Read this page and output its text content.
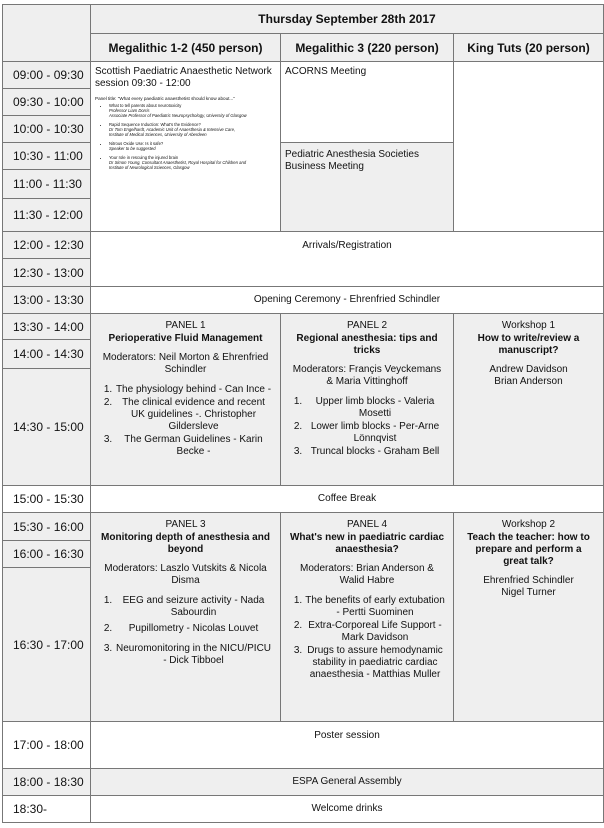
Thursday September 28th 2017
Megalithic 1-2 (450 person)	Megalithic 3 (220 person)	King Tuts (20 person)
09:00 - 09:30
09:30 - 10:00
10:00 - 10:30
10:30 - 11:00
11:00 - 11:30
11:30 - 12:00
12:00 - 12:30
12:30 - 13:00
13:00 - 13:30
13:30 - 14:00
14:00 - 14:30
14:30 - 15:00
15:00 - 15:30
15:30 - 16:00
16:00 - 16:30
16:30 - 17:00
17:00 - 18:00
18:00 - 18:30
18:30-
Scottish Paediatric Anaesthetic Network session 09:30 - 12:00
Panel title: "What every paediatric anaesthetist should know about..."
• What to tell parents about neurotoxicity
Professor Liam Dorris
Associate Professor of Paediatric Neuropsychology, University of Glasgow
• Rapid Sequence Induction: What's the Evidence?
Dr Tom Engelhardt, Academic Unit of Anaesthesia & Intensive Care,
Institute of Medical Sciences, University of Aberdeen
• Nitrous Oxide Use: Is it safe?
Speaker to be suggested
• Your role in rescuing the injured brain
Dr Simon Young, Consultant Anaesthetist, Royal Hospital for Children and
Institute of Neurological Sciences, Glasgow
ACORNS Meeting
Pediatric Anesthesia Societies Business Meeting
Arrivals/Registration
Opening Ceremony - Ehrenfried Schindler
PANEL 1
Perioperative Fluid Management
Moderators: Neil Morton & Ehrenfried Schindler
1. The physiology behind - Can Ince -
2. The clinical evidence and recent UK guidelines -. Christopher Gildersleve
3. The German Guidelines - Karin Becke -
PANEL 2
Regional anesthesia: tips and tricks
Moderators: Françis Veyckemans & Maria Vittinghoff
1. Upper limb blocks - Valeria Mosetti
2. Lower limb blocks - Per-Arne Lönnqvist
3. Truncal blocks - Graham Bell
Workshop 1
How to write/review a manuscript?
Andrew Davidson
Brian Anderson
Coffee Break
PANEL 3
Monitoring depth of anesthesia and beyond
Moderators: Laszlo Vutskits & Nicola Disma
1. EEG and seizure activity - Nada Sabourdin
2. Pupillometry - Nicolas Louvet
3. Neuromonitoring in the NICU/PICU - Dick Tibboel
PANEL 4
What's new in paediatric cardiac anaesthesia?
Moderators: Brian Anderson & Walid Habre
1. The benefits of early extubation - Pertti Suominen
2. Extra-Corporeal Life Support - Mark Davidson
3. Drugs to assure hemodynamic stability in paediatric cardiac anaesthesia - Matthias Muller
Workshop 2
Teach the teacher: how to prepare and perform a great talk?
Ehrenfried Schindler
Nigel Turner
Poster session
ESPA General Assembly
Welcome drinks
